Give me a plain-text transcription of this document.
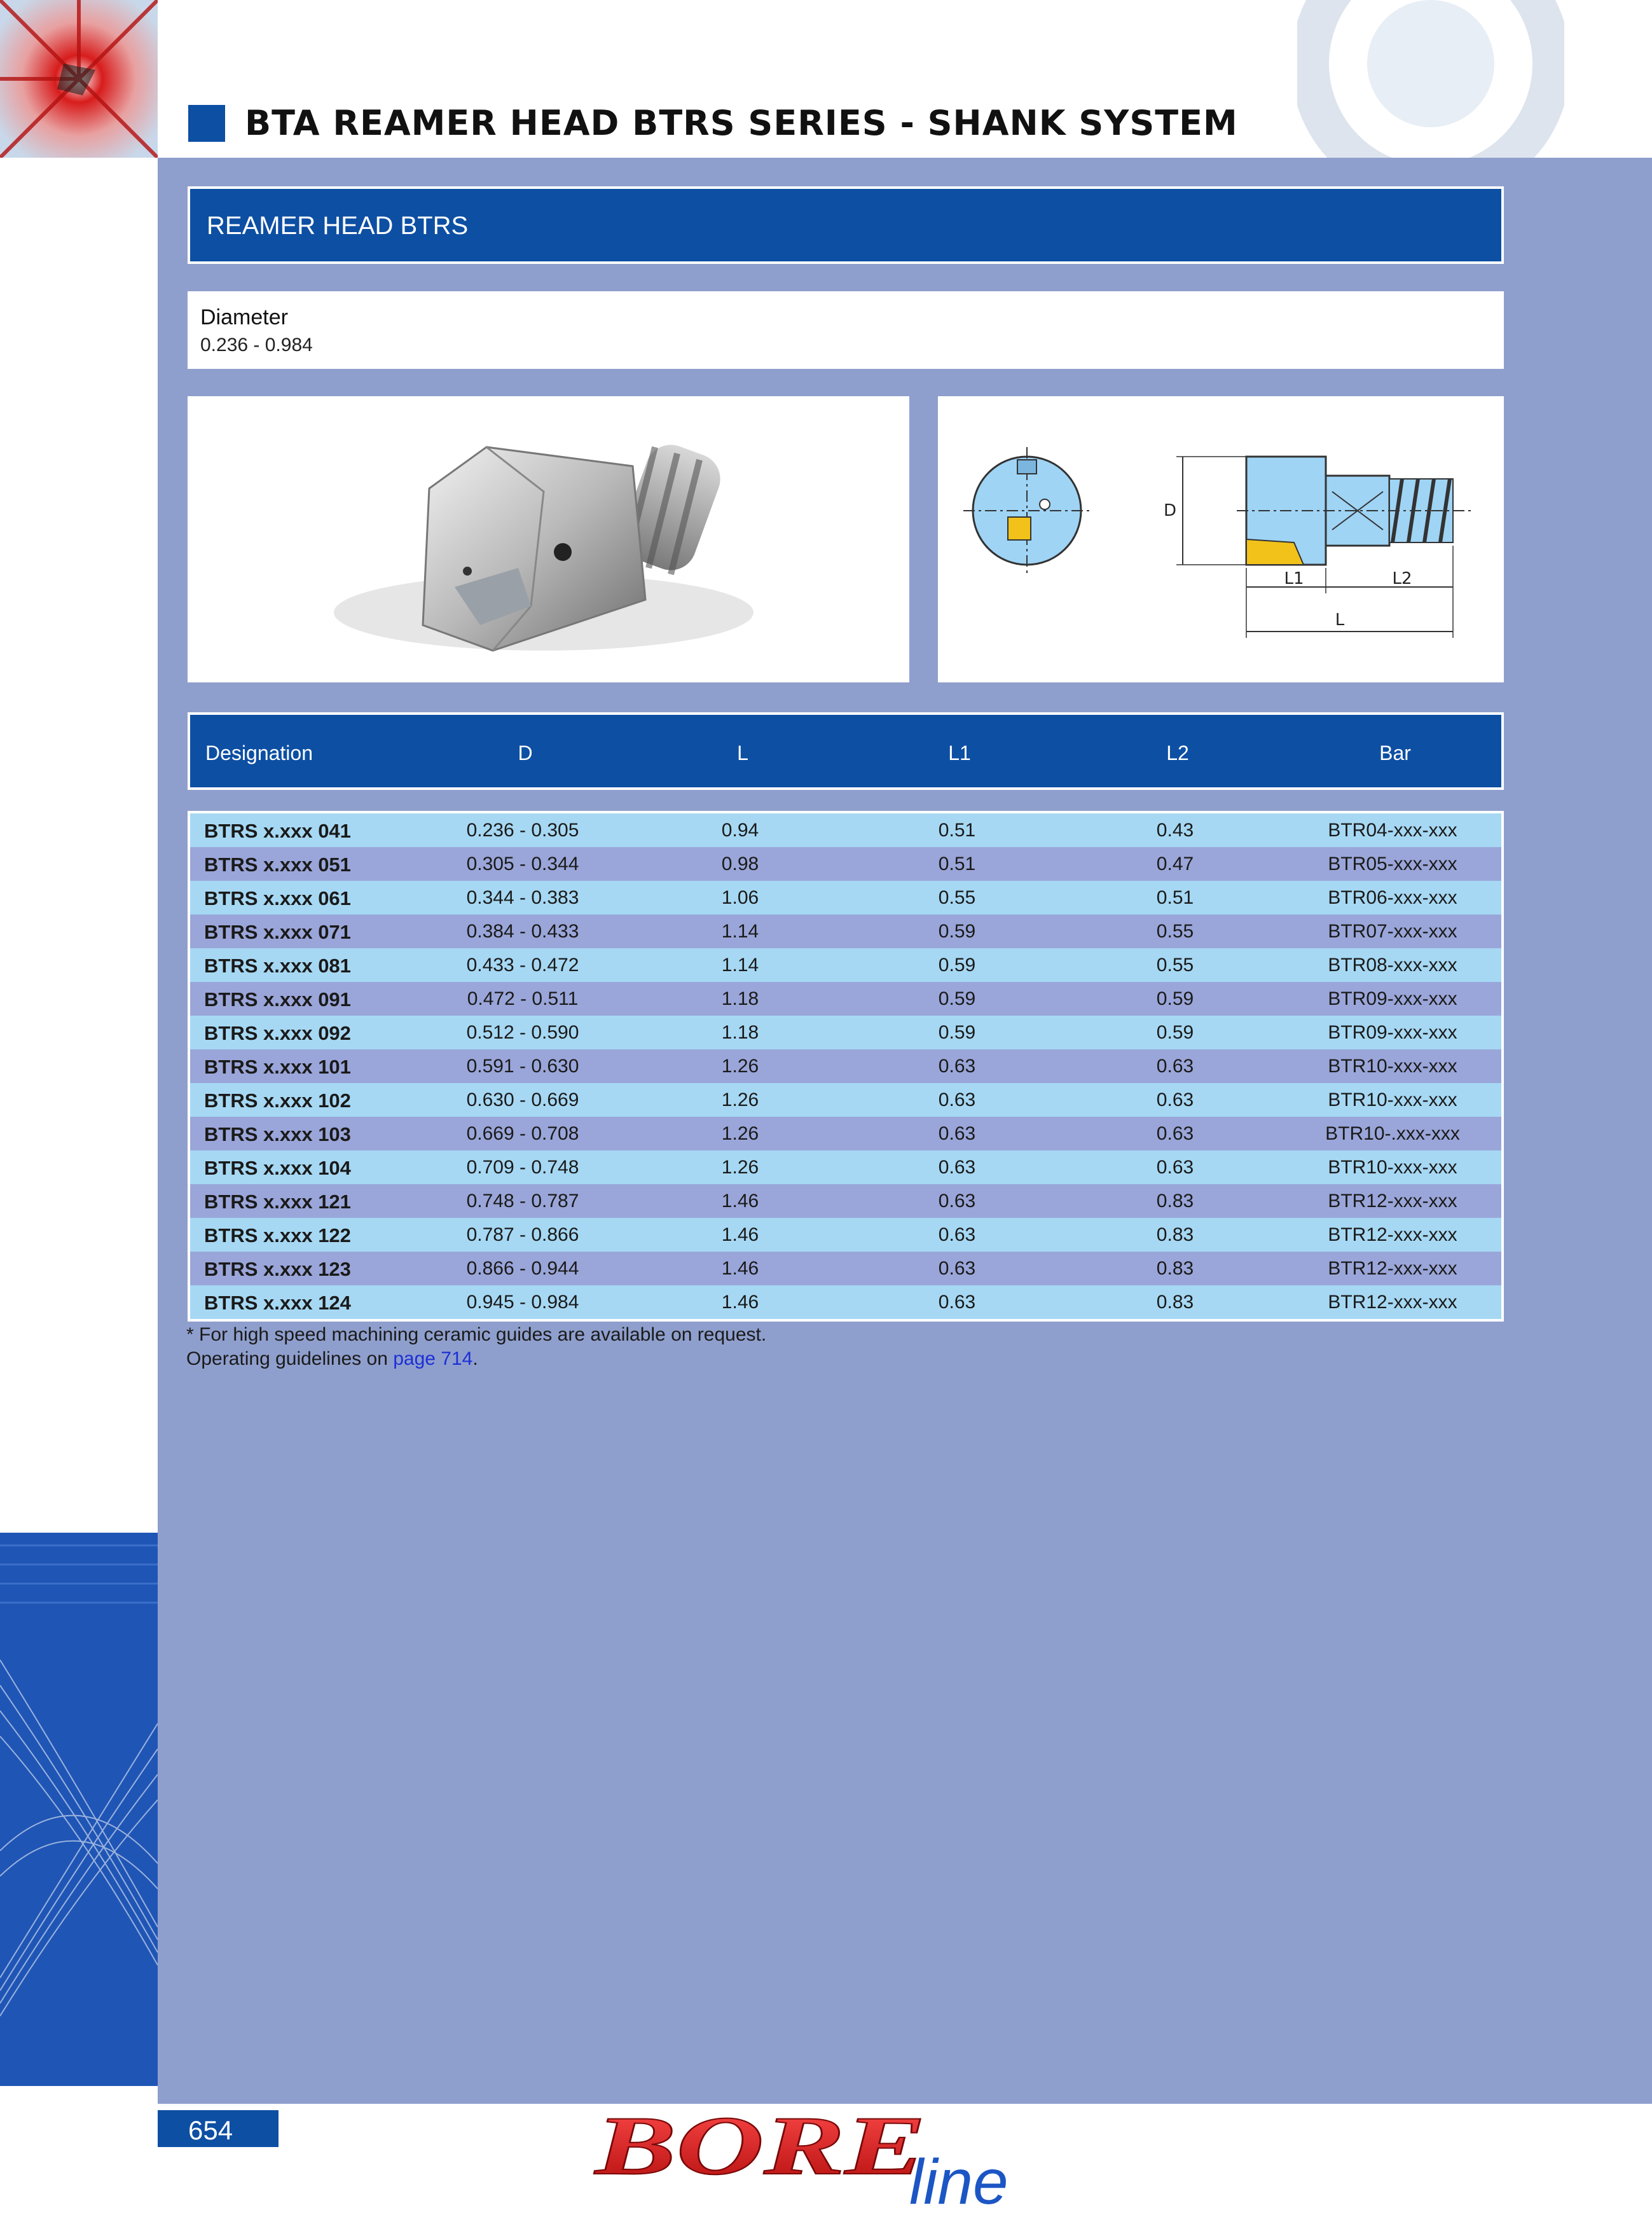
BTA REAMER HEAD BTRS SERIES - SHANK SYSTEM
REAMER HEAD BTRS
Diameter
0.236 - 0.984
D
L1	L2
L
Designation	D	L	L1	L2	Bar
BTRS x.xxx 041	0.236 - 0.305	0.94	0.51	0.43	BTR04-xxx-xxx
BTRS x.xxx 051	0.305 - 0.344	0.98	0.51	0.47	BTR05-xxx-xxx
BTRS x.xxx 061	0.344 - 0.383	1.06	0.55	0.51	BTR06-xxx-xxx
BTRS x.xxx 071	0.384 - 0.433	1.14	0.59	0.55	BTR07-xxx-xxx
BTRS x.xxx 081	0.433 - 0.472	1.14	0.59	0.55	BTR08-xxx-xxx
BTRS x.xxx 091	0.472 - 0.511	1.18	0.59	0.59	BTR09-xxx-xxx
BTRS x.xxx 092	0.512 - 0.590	1.18	0.59	0.59	BTR09-xxx-xxx
BTRS x.xxx 101	0.591 - 0.630	1.26	0.63	0.63	BTR10-xxx-xxx
BTRS x.xxx 102	0.630 - 0.669	1.26	0.63	0.63	BTR10-xxx-xxx
BTRS x.xxx 103	0.669 - 0.708	1.26	0.63	0.63	BTR10-.xxx-xxx
BTRS x.xxx 104	0.709 - 0.748	1.26	0.63	0.63	BTR10-xxx-xxx
BTRS x.xxx 121	0.748 - 0.787	1.46	0.63	0.83	BTR12-xxx-xxx
BTRS x.xxx 122	0.787 - 0.866	1.46	0.63	0.83	BTR12-xxx-xxx
BTRS x.xxx 123	0.866 - 0.944	1.46	0.63	0.83	BTR12-xxx-xxx
BTRS x.xxx 124	0.945 - 0.984	1.46	0.63	0.83	BTR12-xxx-xxx
* For high speed machining ceramic guides are available on request.
Operating guidelines on page 714.
654	BORE
line
